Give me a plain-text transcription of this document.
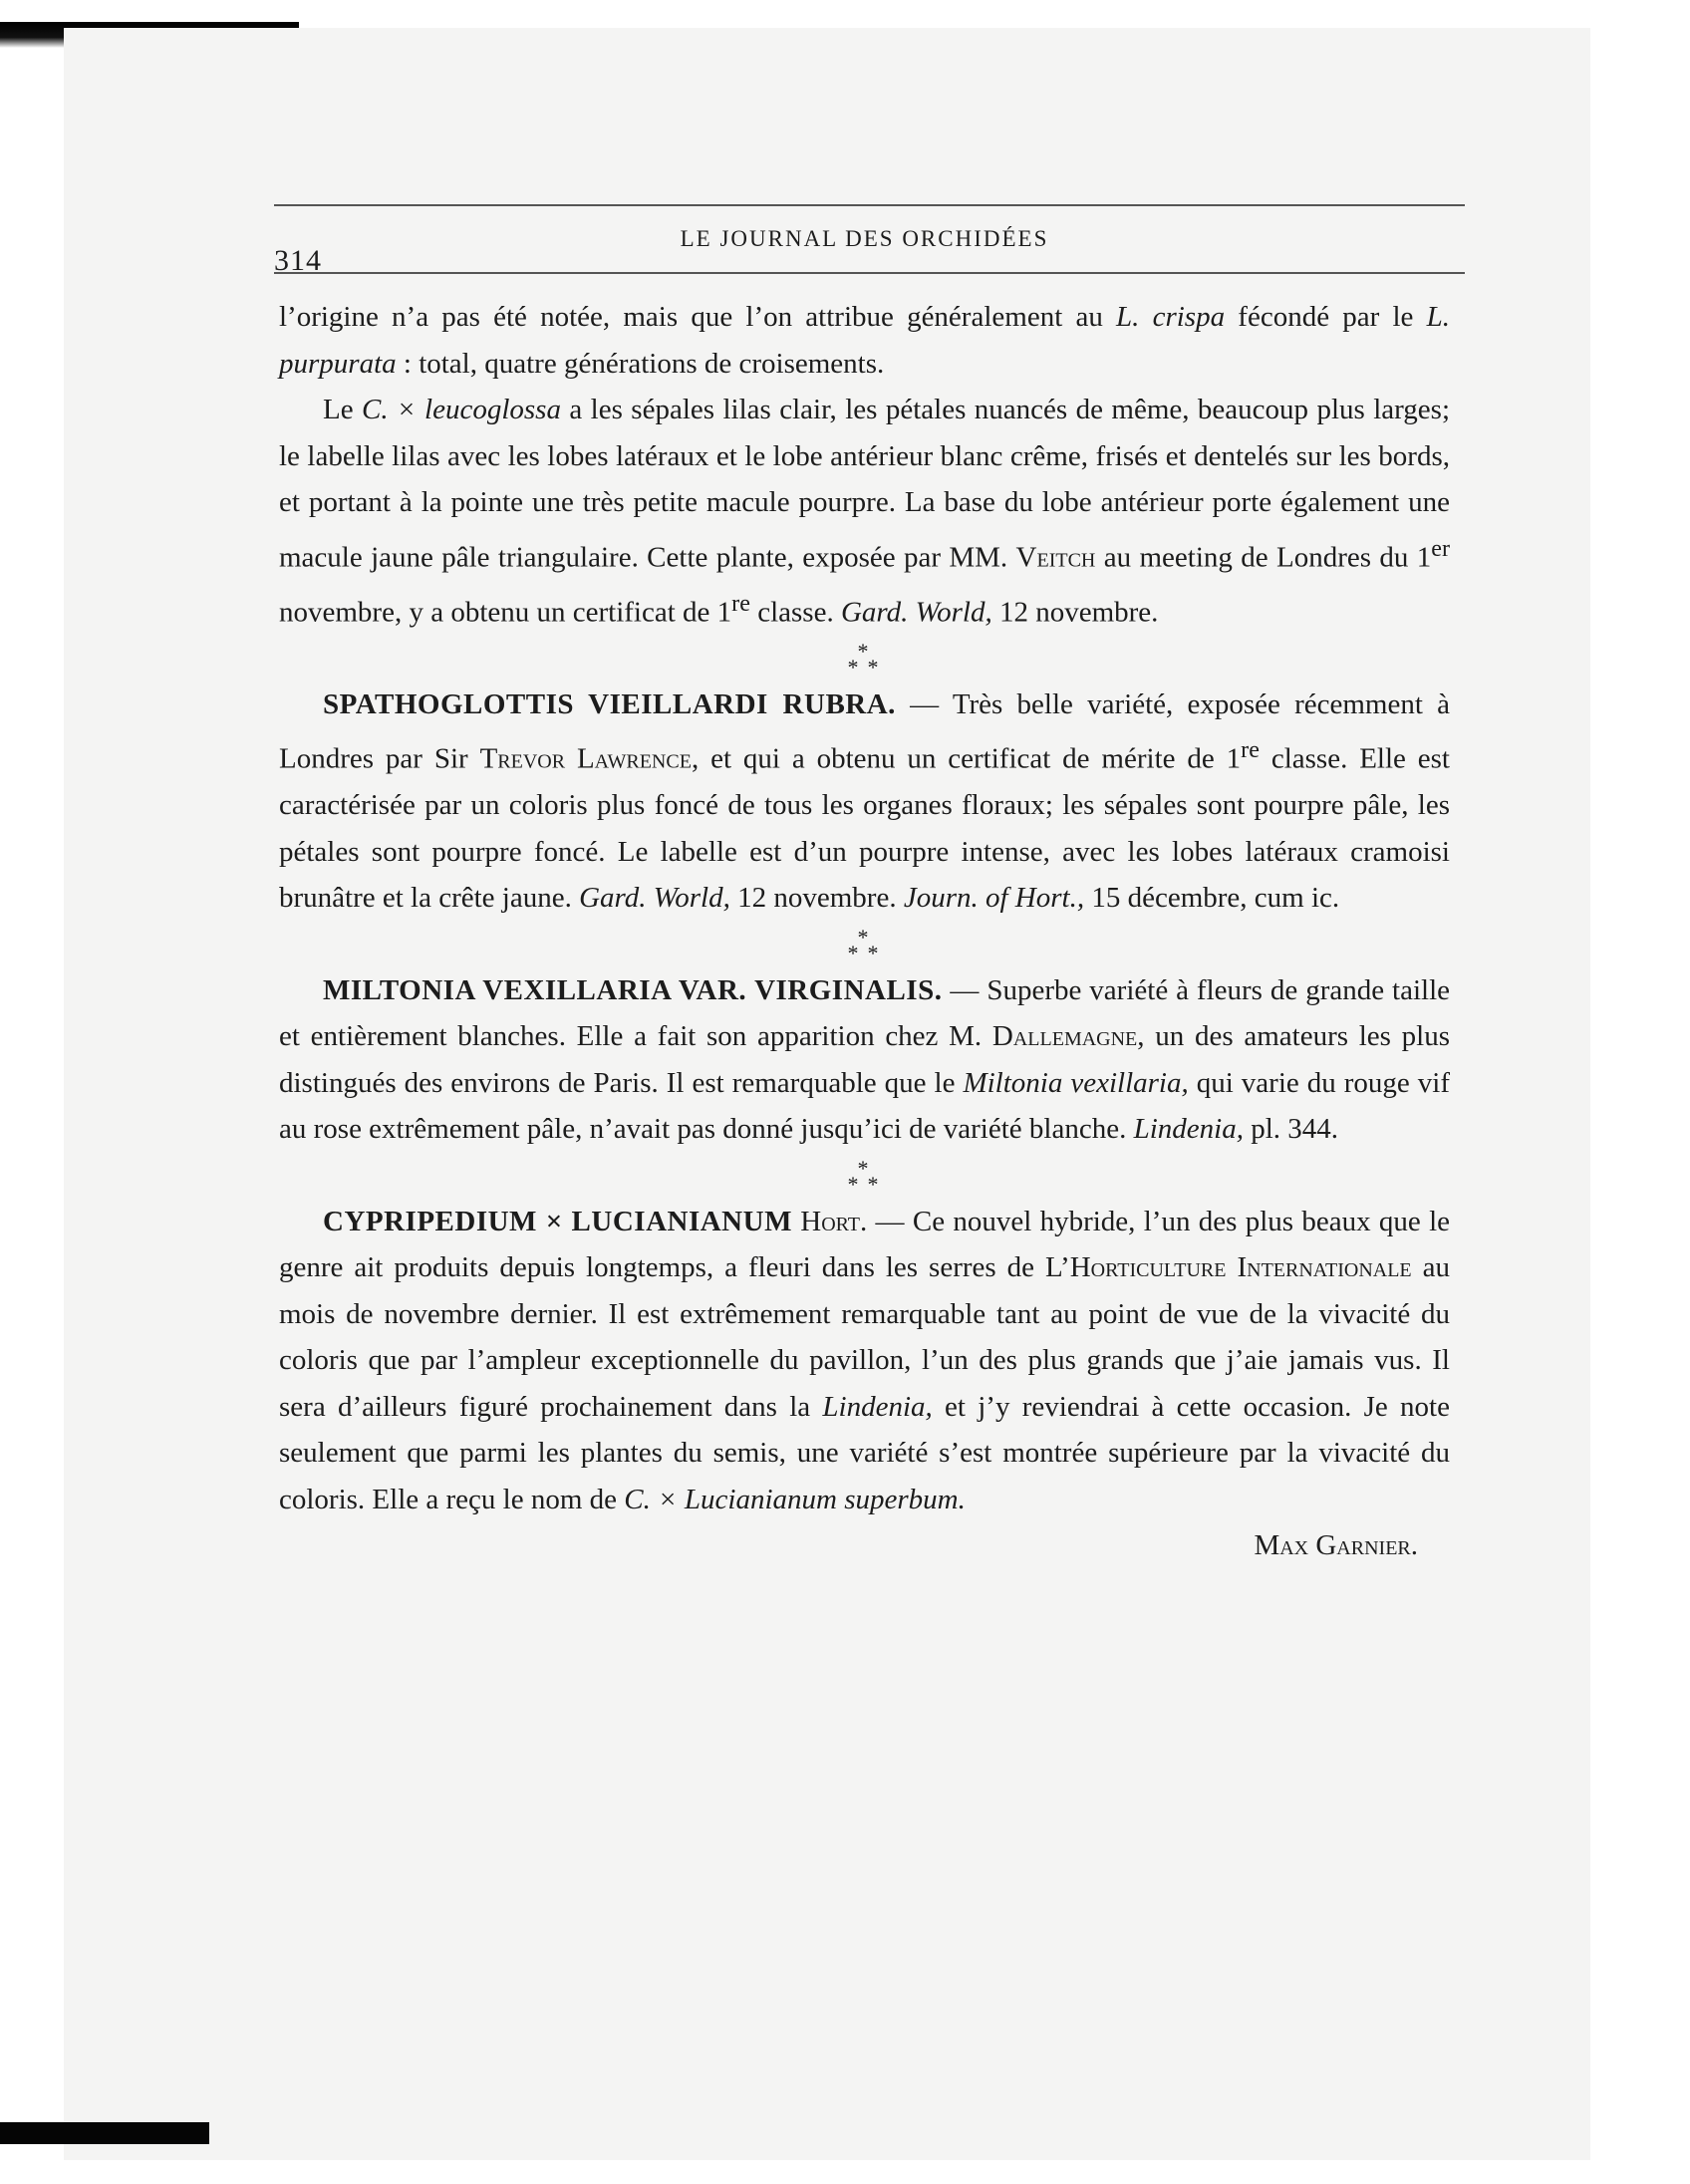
314
LE JOURNAL DES ORCHIDÉES

l’origine n’a pas été notée, mais que l’on attribue généralement au L. crispa fécondé par le L. purpurata : total, quatre générations de croisements.

Le C. × leucoglossa a les sépales lilas clair, les pétales nuancés de même, beaucoup plus larges; le labelle lilas avec les lobes latéraux et le lobe antérieur blanc crême, frisés et dentelés sur les bords, et portant à la pointe une très petite macule pourpre. La base du lobe antérieur porte également une macule jaune pâle triangulaire. Cette plante, exposée par MM. Veitch au meeting de Londres du 1er novembre, y a obtenu un certificat de 1re classe. Gard. World, 12 novembre.

*
* *

SPATHOGLOTTIS VIEILLARDI RUBRA. — Très belle variété, exposée récemment à Londres par Sir Trevor Lawrence, et qui a obtenu un certificat de mérite de 1re classe. Elle est caractérisée par un coloris plus foncé de tous les organes floraux; les sépales sont pourpre pâle, les pétales sont pourpre foncé. Le labelle est d’un pourpre intense, avec les lobes latéraux cramoisi brunâtre et la crête jaune. Gard. World, 12 novembre. Journ. of Hort., 15 décembre, cum ic.

*
* *

MILTONIA VEXILLARIA VAR. VIRGINALIS. — Superbe variété à fleurs de grande taille et entièrement blanches. Elle a fait son apparition chez M. Dallemagne, un des amateurs les plus distingués des environs de Paris. Il est remarquable que le Miltonia vexillaria, qui varie du rouge vif au rose extrêmement pâle, n’avait pas donné jusqu’ici de variété blanche. Lindenia, pl. 344.

*
* *

CYPRIPEDIUM × LUCIANIANUM Hort. — Ce nouvel hybride, l’un des plus beaux que le genre ait produits depuis longtemps, a fleuri dans les serres de L’Horticulture Internationale au mois de novembre dernier. Il est extrêmement remarquable tant au point de vue de la vivacité du coloris que par l’ampleur exceptionnelle du pavillon, l’un des plus grands que j’aie jamais vus. Il sera d’ailleurs figuré prochainement dans la Lindenia, et j’y reviendrai à cette occasion. Je note seulement que parmi les plantes du semis, une variété s’est montrée supérieure par la vivacité du coloris. Elle a reçu le nom de C. × Lucianianum superbum.

Max Garnier.
